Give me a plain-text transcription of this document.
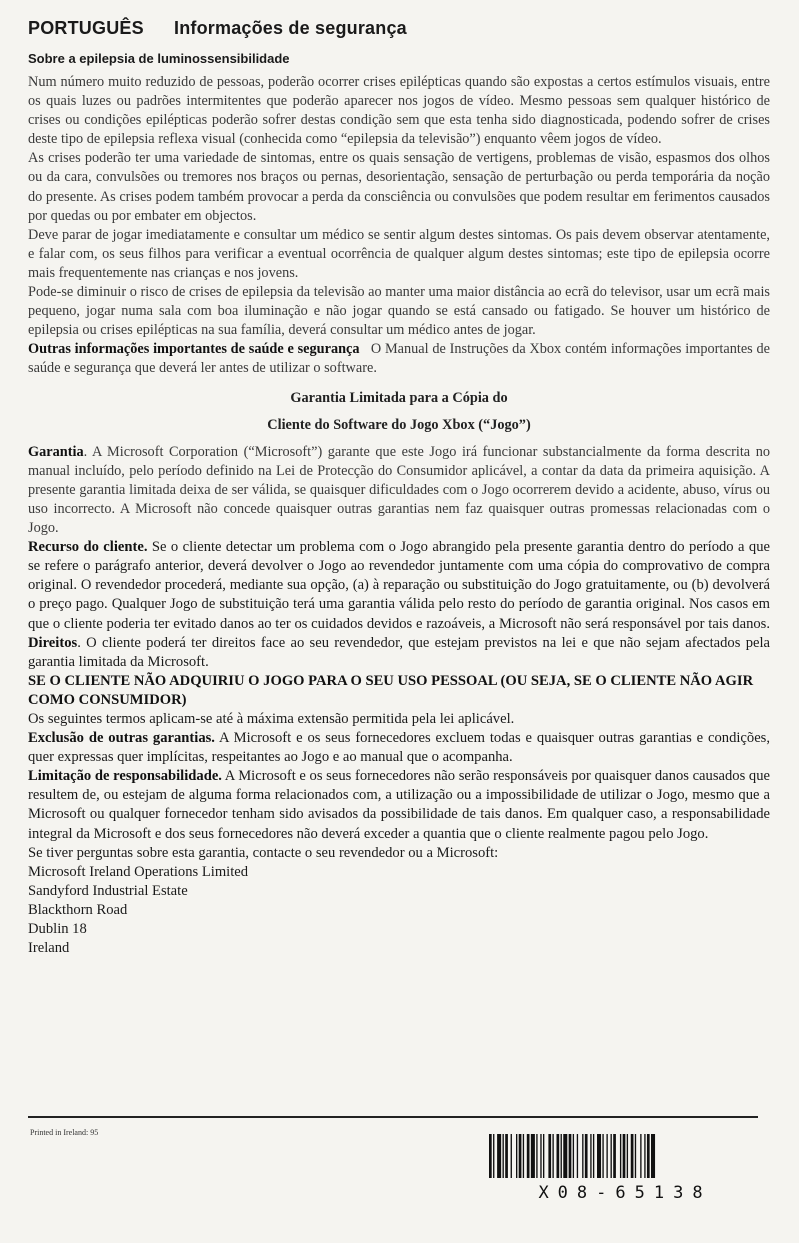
PORTUGUÊS Informações de segurança
Sobre a epilepsia de luminossensibilidade

Num número muito reduzido de pessoas, poderão ocorrer crises epilépticas quando são expostas a certos estímulos visuais, entre os quais luzes ou padrões intermitentes que poderão aparecer nos jogos de vídeo. Mesmo pessoas sem qualquer histórico de crises ou condições epilépticas poderão sofrer destas condição sem que esta tenha sido diagnosticada, podendo sofrer de crises deste tipo de epilepsia reflexa visual (conhecida como “epilepsia da televisão”) enquanto vêem jogos de vídeo.

As crises poderão ter uma variedade de sintomas, entre os quais sensação de vertigens, problemas de visão, espasmos dos olhos ou da cara, convulsões ou tremores nos braços ou pernas, desorientação, sensação de perturbação ou perda temporária da noção do presente. As crises podem também provocar a perda da consciência ou convulsões que podem resultar em ferimentos causados por quedas ou por embater em objectos.

Deve parar de jogar imediatamente e consultar um médico se sentir algum destes sintomas. Os pais devem observar atentamente, e falar com, os seus filhos para verificar a eventual ocorrência de qualquer algum destes sintomas; este tipo de epilepsia ocorre mais frequentemente nas crianças e nos jovens.

Pode-se diminuir o risco de crises de epilepsia da televisão ao manter uma maior distância ao ecrã do televisor, usar um ecrã mais pequeno, jogar numa sala com boa iluminação e não jogar quando se está cansado ou fatigado. Se houver um histórico de epilepsia ou crises epilépticas na sua família, deverá consultar um médico antes de jogar.

Outras informações importantes de saúde e segurança O Manual de Instruções da Xbox contém informações importantes de saúde e segurança que deverá ler antes de utilizar o software.

Garantia Limitada para a Cópia do

Cliente do Software do Jogo Xbox (“Jogo”)

Garantia. A Microsoft Corporation (“Microsoft”) garante que este Jogo irá funcionar substancialmente da forma descrita no manual incluído, pelo período definido na Lei de Protecção do Consumidor aplicável, a contar da data da primeira aquisição. A presente garantia limitada deixa de ser válida, se quaisquer dificuldades com o Jogo ocorrerem devido a acidente, abuso, vírus ou uso incorrecto. A Microsoft não concede quaisquer outras garantias nem faz quaisquer outras promessas relacionadas com o Jogo.

Recurso do cliente. Se o cliente detectar um problema com o Jogo abrangido pela presente garantia dentro do período a que se refere o parágrafo anterior, deverá devolver o Jogo ao revendedor juntamente com uma cópia do comprovativo de compra original. O revendedor procederá, mediante sua opção, (a) à reparação ou substituição do Jogo gratuitamente, ou (b) devolverá o preço pago. Qualquer Jogo de substituição terá uma garantia válida pelo resto do período de garantia original. Nos casos em que o cliente poderia ter evitado danos ao ter os cuidados devidos e razoáveis, a Microsoft não será responsável por tais danos. Direitos. O cliente poderá ter direitos face ao seu revendedor, que estejam previstos na lei e que não sejam afectados pela garantia limitada da Microsoft.

SE O CLIENTE NÃO ADQUIRIU O JOGO PARA O SEU USO PESSOAL (OU SEJA, SE O CLIENTE NÃO AGIR COMO CONSUMIDOR)

Os seguintes termos aplicam-se até à máxima extensão permitida pela lei aplicável.

Exclusão de outras garantias. A Microsoft e os seus fornecedores excluem todas e quaisquer outras garantias e condições, quer expressas quer implícitas, respeitantes ao Jogo e ao manual que o acompanha.

Limitação de responsabilidade. A Microsoft e os seus fornecedores não serão responsáveis por quaisquer danos causados que resultem de, ou estejam de alguma forma relacionados com, a utilização ou a impossibilidade de utilizar o Jogo, mesmo que a Microsoft ou qualquer fornecedor tenham sido avisados da possibilidade de tais danos. Em qualquer caso, a responsabilidade integral da Microsoft e dos seus fornecedores não deverá exceder a quantia que o cliente realmente pagou pelo Jogo.

Se tiver perguntas sobre esta garantia, contacte o seu revendedor ou a Microsoft:

Microsoft Ireland Operations Limited

Sandyford Industrial Estate

Blackthorn Road

Dublin 18

Ireland

Printed in Ireland: 95
X08-65138
